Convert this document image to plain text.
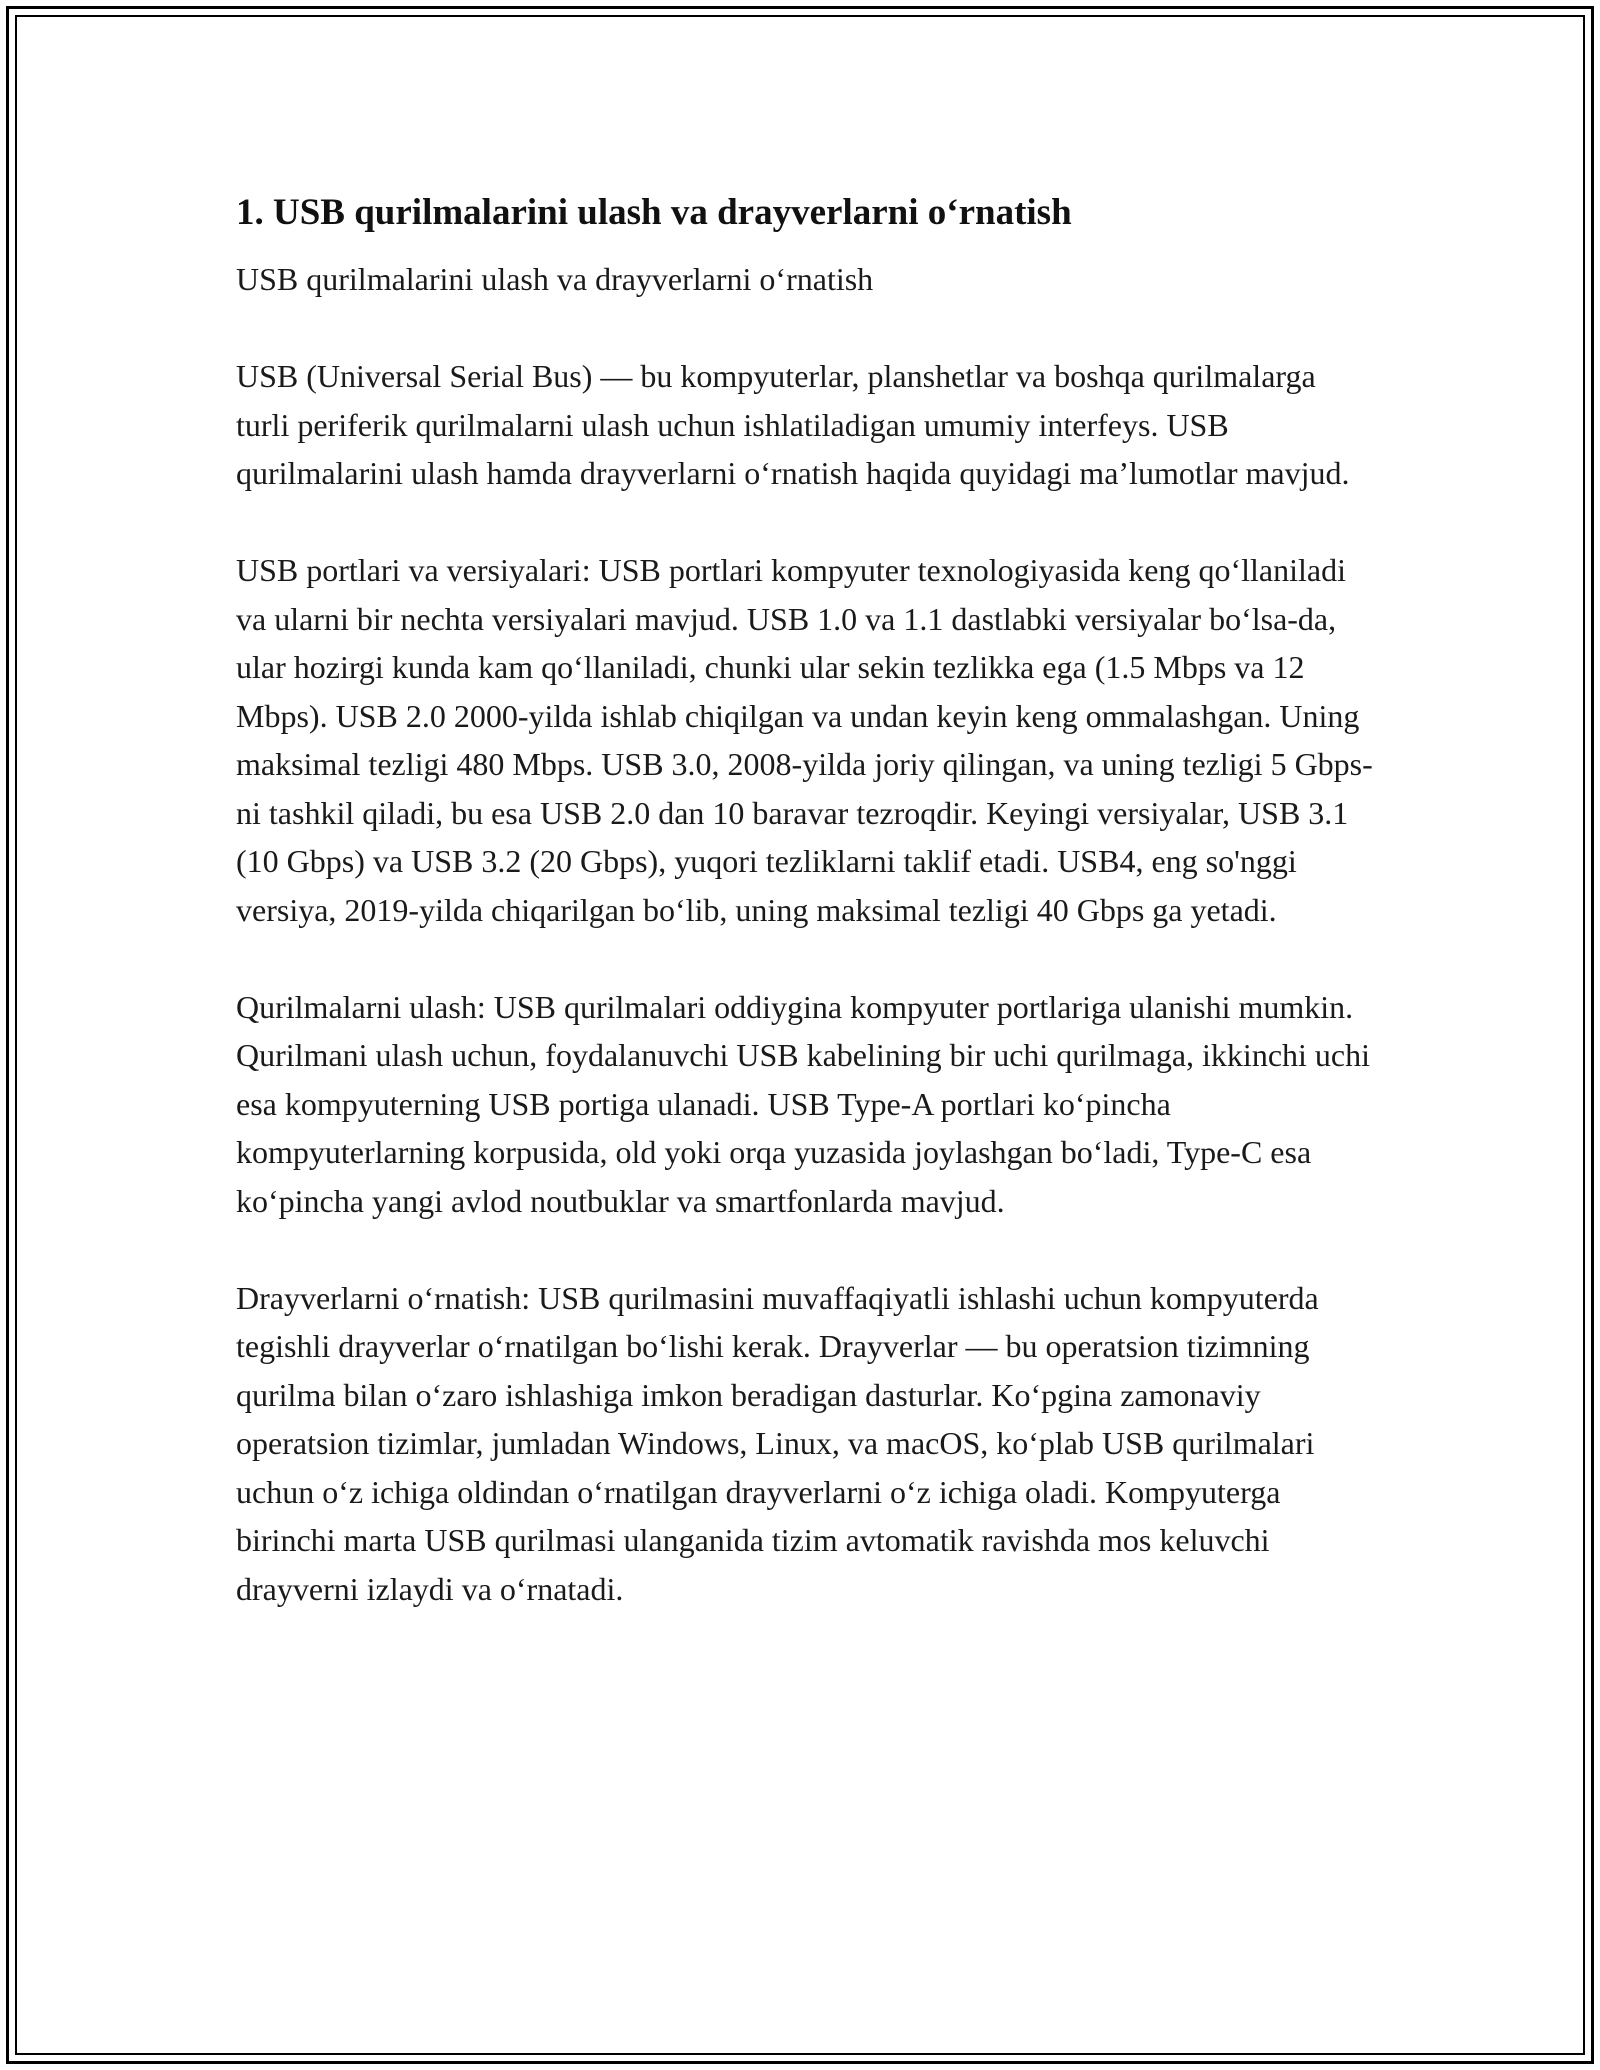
1. USB qurilmalarini ulash va drayverlarni o‘rnatish

USB qurilmalarini ulash va drayverlarni o‘rnatish

USB (Universal Serial Bus) — bu kompyuterlar, planshetlar va boshqa qurilmalarga turli periferik qurilmalarni ulash uchun ishlatiladigan umumiy interfeys. USB qurilmalarini ulash hamda drayverlarni o‘rnatish haqida quyidagi ma’lumotlar mavjud.

USB portlari va versiyalari: USB portlari kompyuter texnologiyasida keng qo‘llaniladi va ularni bir nechta versiyalari mavjud. USB 1.0 va 1.1 dastlabki versiyalar bo‘lsa-da, ular hozirgi kunda kam qo‘llaniladi, chunki ular sekin tezlikka ega (1.5 Mbps va 12 Mbps). USB 2.0 2000-yilda ishlab chiqilgan va undan keyin keng ommalashgan. Uning maksimal tezligi 480 Mbps. USB 3.0, 2008-yilda joriy qilingan, va uning tezligi 5 Gbps-ni tashkil qiladi, bu esa USB 2.0 dan 10 baravar tezroqdir. Keyingi versiyalar, USB 3.1 (10 Gbps) va USB 3.2 (20 Gbps), yuqori tezliklarni taklif etadi. USB4, eng so'nggi versiya, 2019-yilda chiqarilgan bo‘lib, uning maksimal tezligi 40 Gbps ga yetadi.

Qurilmalarni ulash: USB qurilmalari oddiygina kompyuter portlariga ulanishi mumkin. Qurilmani ulash uchun, foydalanuvchi USB kabelining bir uchi qurilmaga, ikkinchi uchi esa kompyuterning USB portiga ulanadi. USB Type-A portlari ko‘pincha kompyuterlarning korpusida, old yoki orqa yuzasida joylashgan bo‘ladi, Type-C esa ko‘pincha yangi avlod noutbuklar va smartfonlarda mavjud.

Drayverlarni o‘rnatish: USB qurilmasini muvaffaqiyatli ishlashi uchun kompyuterda tegishli drayverlar o‘rnatilgan bo‘lishi kerak. Drayverlar — bu operatsion tizimning qurilma bilan o‘zaro ishlashiga imkon beradigan dasturlar. Ko‘pgina zamonaviy operatsion tizimlar, jumladan Windows, Linux, va macOS, ko‘plab USB qurilmalari uchun o‘z ichiga oldindan o‘rnatilgan drayverlarni o‘z ichiga oladi. Kompyuterga birinchi marta USB qurilmasi ulanganida tizim avtomatik ravishda mos keluvchi drayverni izlaydi va o‘rnatadi.
